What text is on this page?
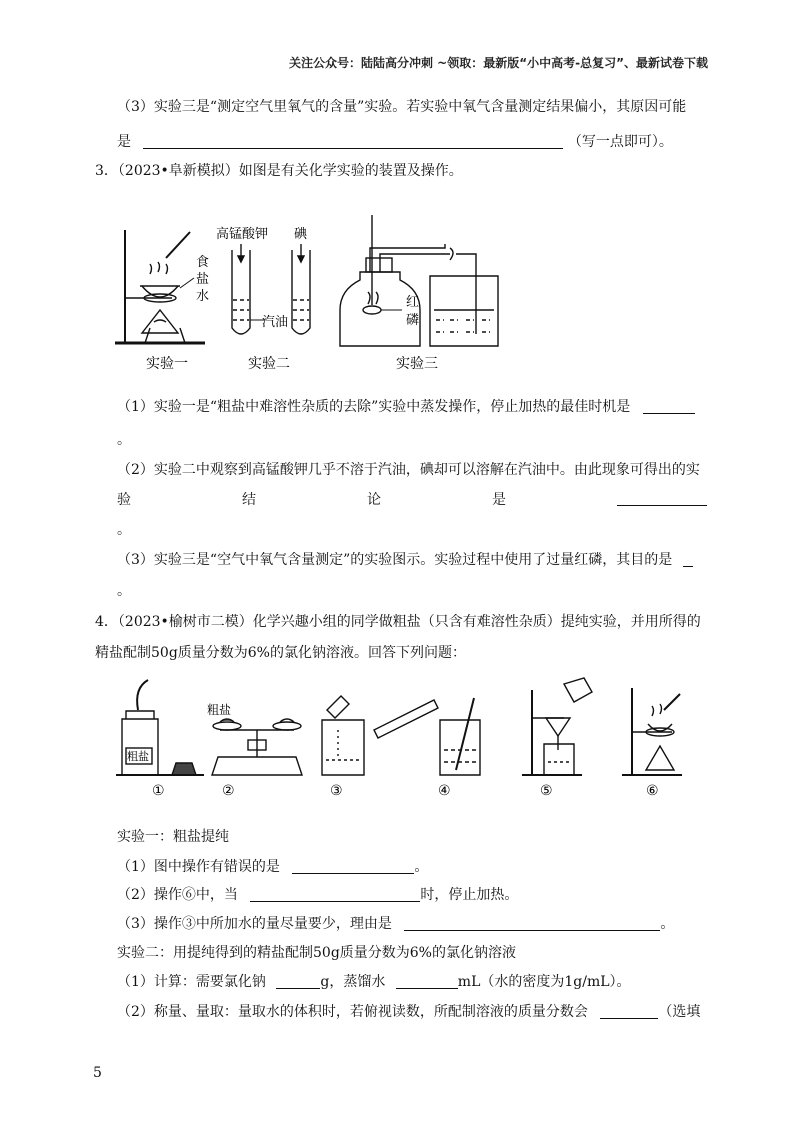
关注公众号：陆陆高分冲刺 ~领取：最新版“小中高考-总复习”、最新试卷下载
（3）实验三是“测定空气里氧气的含量”实验。若实验中氧气含量测定结果偏小，其原因可能
是	（写一点即可）。
3．（2023•阜新模拟）如图是有关化学实验的装置及操作。
食
盐
水
实验一
高锰酸钾 碘
汽油
实验二
红
磷
实验三
（1）实验一是“粗盐中难溶性杂质的去除”实验中蒸发操作，停止加热的最佳时机是
。
（2）实验二中观察到高锰酸钾几乎不溶于汽油，碘却可以溶解在汽油中。由此现象可得出的实
验	结	论	是
。
（3）实验三是“空气中氧气含量测定”的实验图示。实验过程中使用了过量红磷，其目的是
。
4．（2023•榆树市二模）化学兴趣小组的同学做粗盐（只含有难溶性杂质）提纯实验，并用所得的
精盐配制50g质量分数为6%的氯化钠溶液。回答下列问题：
粗盐
粗盐
①	②	③	④	⑤	⑥
实验一：粗盐提纯
（1）图中操作有错误的是	。
（2）操作⑥中，当	时，停止加热。
（3）操作③中所加水的量尽量要少，理由是	。
实验二：用提纯得到的精盐配制50g质量分数为6%的氯化钠溶液
（1）计算：需要氯化钠	g，蒸馏水	mL（水的密度为1g/mL）。
（2）称量、量取：量取水的体积时，若俯视读数，所配制溶液的质量分数会	（选填
5
